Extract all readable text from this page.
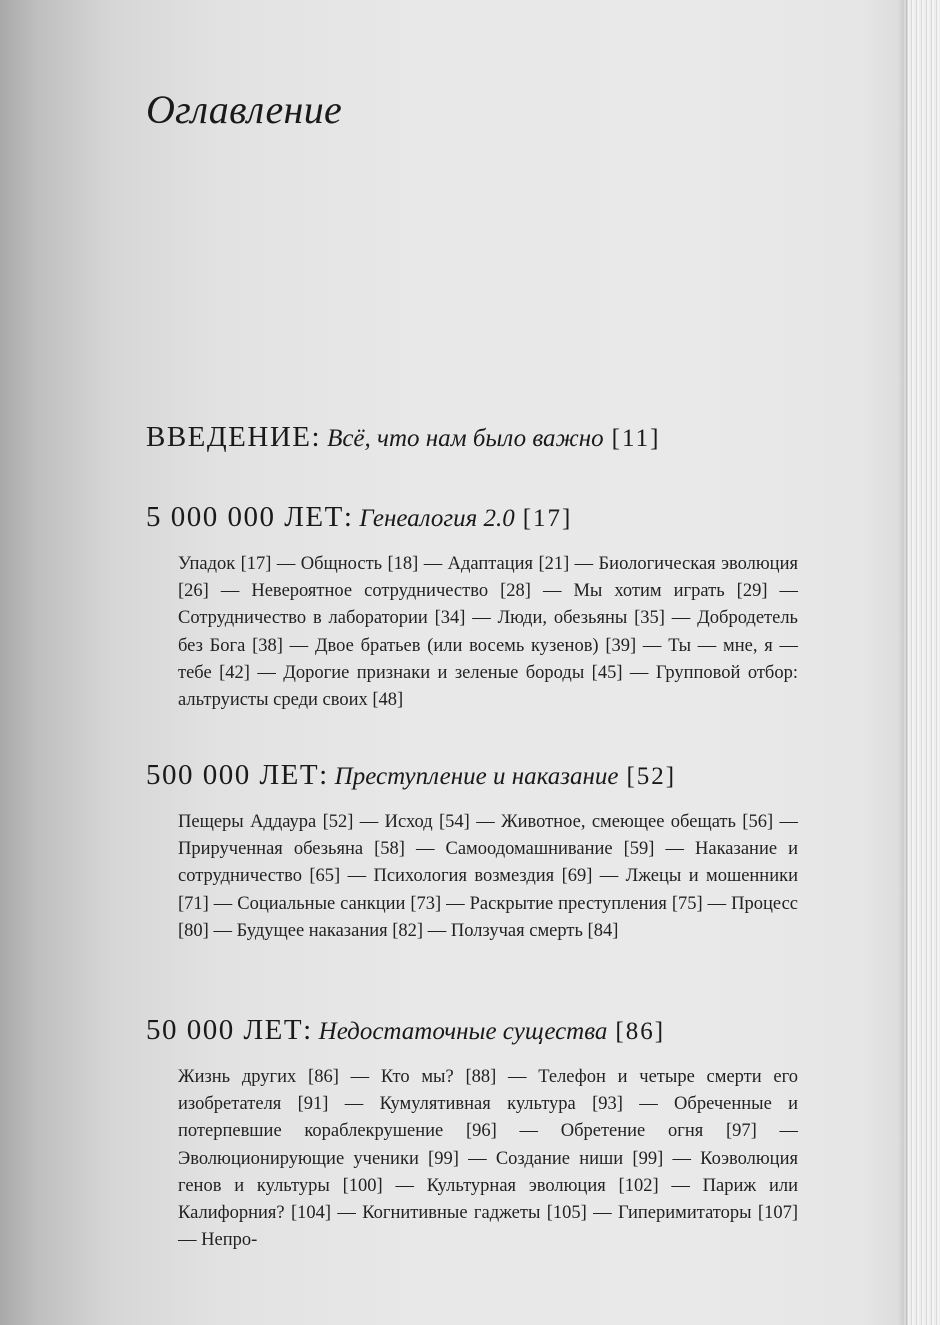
Оглавление
ВВЕДЕНИЕ: Всё, что нам было важно [11]
5 000 000 ЛЕТ: Генеалогия 2.0 [17]

Упадок [17] — Общность [18] — Адаптация [21] — Биологическая эволюция [26] — Невероятное сотрудничество [28] — Мы хотим играть [29] — Сотрудничество в лаборатории [34] — Люди, обезьяны [35] — Добродетель без Бога [38] — Двое братьев (или восемь кузенов) [39] — Ты — мне, я — тебе [42] — Дорогие признаки и зеленые бороды [45] — Групповой отбор: альтруисты среди своих [48]

500 000 ЛЕТ: Преступление и наказание [52]

Пещеры Аддаура [52] — Исход [54] — Животное, смеющее обещать [56] — Прирученная обезьяна [58] — Самоодомашнивание [59] — Наказание и сотрудничество [65] — Психология возмездия [69] — Лжецы и мошенники [71] — Социальные санкции [73] — Раскрытие преступления [75] — Процесс [80] — Будущее наказания [82] — Ползучая смерть [84]

50 000 ЛЕТ: Недостаточные существа [86]

Жизнь других [86] — Кто мы? [88] — Телефон и четыре смерти его изобретателя [91] — Кумулятивная культура [93] — Обреченные и потерпевшие кораблекрушение [96] — Обретение огня [97] — Эволюционирующие ученики [99] — Создание ниши [99] — Коэволюция генов и культуры [100] — Культурная эволюция [102] — Париж или Калифорния? [104] — Когнитивные гаджеты [105] — Гиперимитаторы [107] — Непро-
